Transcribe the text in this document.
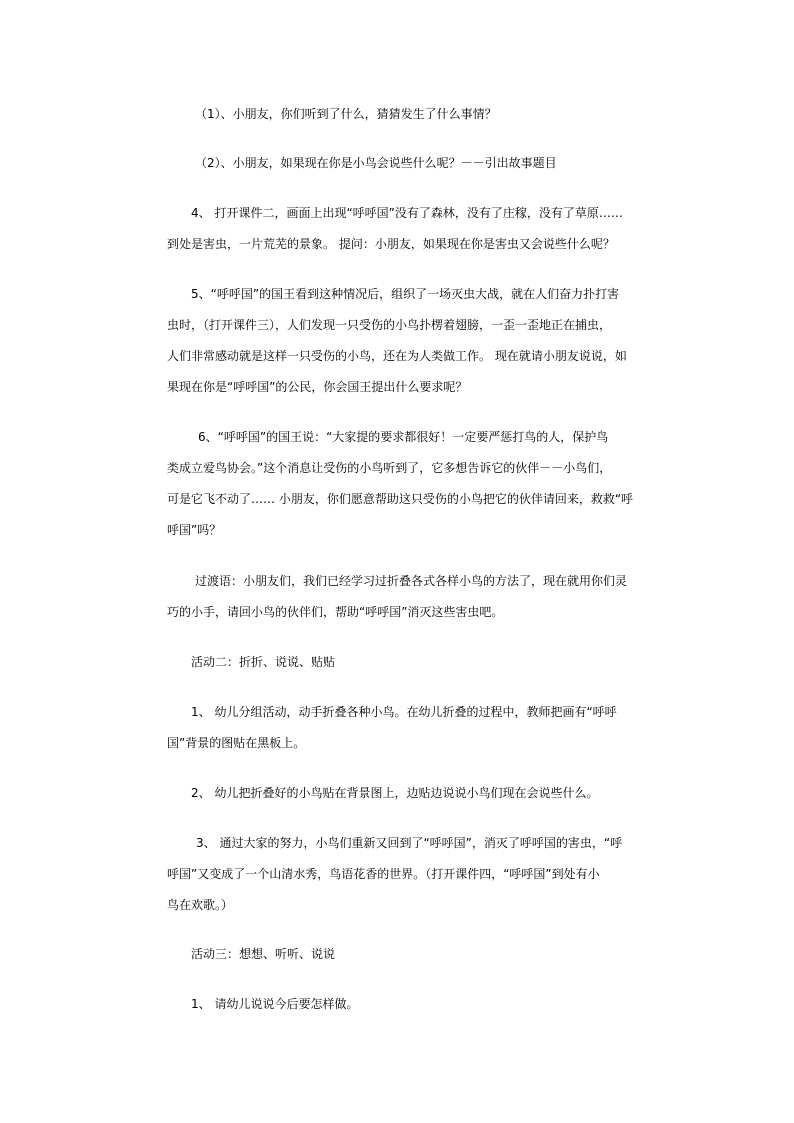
（1）、小朋友，你们听到了什么，猜猜发生了什么事情？
（2）、小朋友，如果现在你是小鸟会说些什么呢？－－引出故事题目
4、 打开课件二，画面上出现“呼呼国”没有了森林，没有了庄稼，没有了草原……
到处是害虫，一片荒芜的景象。 提问：小朋友，如果现在你是害虫又会说些什么呢？
5、“呼呼国”的国王看到这种情况后，组织了一场灭虫大战，就在人们奋力扑打害
虫时，（打开课件三），人们发现一只受伤的小鸟扑楞着翅膀，一歪一歪地正在捕虫，
人们非常感动就是这样一只受伤的小鸟，还在为人类做工作。 现在就请小朋友说说，如
果现在你是“呼呼国”的公民，你会国王提出什么要求呢？
6、“呼呼国”的国王说：“大家提的要求都很好！一定要严惩打鸟的人，保护鸟
类成立爱鸟协会。”这个消息让受伤的小鸟听到了，它多想告诉它的伙伴－－小鸟们，
可是它飞不动了…… 小朋友，你们愿意帮助这只受伤的小鸟把它的伙伴请回来，救救“呼
呼国”吗？
过渡语：小朋友们，我们已经学习过折叠各式各样小鸟的方法了，现在就用你们灵
巧的小手，请回小鸟的伙伴们，帮助“呼呼国”消灭这些害虫吧。
活动二：折折、说说、贴贴
1、 幼儿分组活动，动手折叠各种小鸟。在幼儿折叠的过程中，教师把画有“呼呼
国”背景的图贴在黑板上。
2、 幼儿把折叠好的小鸟贴在背景图上，边贴边说说小鸟们现在会说些什么。
3、 通过大家的努力，小鸟们重新又回到了“呼呼国”，消灭了呼呼国的害虫，“呼
呼国”又变成了一个山清水秀，鸟语花香的世界。（打开课件四，“呼呼国”到处有小
鸟在欢歌。）
活动三：想想、听听、说说
1、 请幼儿说说今后要怎样做。
